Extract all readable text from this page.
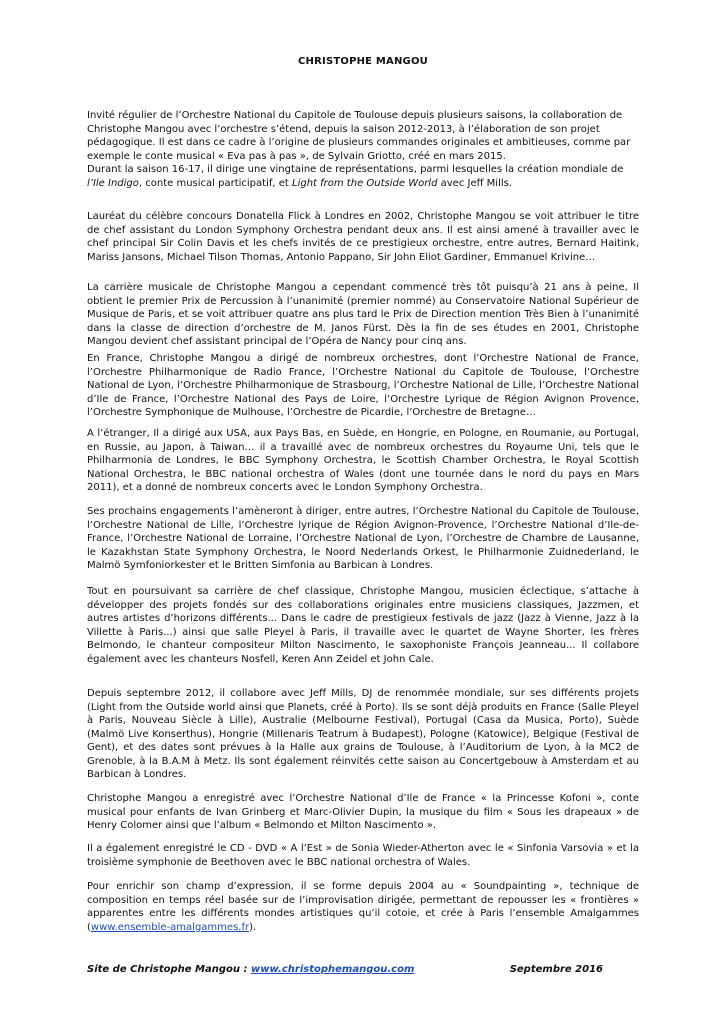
CHRISTOPHE MANGOU

Invité régulier de l’Orchestre National du Capitole de Toulouse depuis plusieurs saisons, la collaboration de Christophe Mangou avec l’orchestre s’étend, depuis la saison 2012-2013, à l’élaboration de son projet pédagogique. Il est dans ce cadre à l’origine de plusieurs commandes originales et ambitieuses, comme par exemple le conte musical « Eva pas à pas », de Sylvain Griotto, créé en mars 2015.
Durant la saison 16-17, il dirige une vingtaine de représentations, parmi lesquelles la création mondiale de l’Ile Indigo, conte musical participatif, et Light from the Outside World avec Jeff Mills.

Lauréat du célèbre concours Donatella Flick à Londres en 2002, Christophe Mangou se voit attribuer le titre de chef assistant du London Symphony Orchestra pendant deux ans. Il est ainsi amené à travailler avec le chef principal Sir Colin Davis et les chefs invités de ce prestigieux orchestre, entre autres, Bernard Haitink, Mariss Jansons, Michael Tilson Thomas, Antonio Pappano, Sir John Eliot Gardiner, Emmanuel Krivine…

La carrière musicale de Christophe Mangou a cependant commencé très tôt puisqu’à 21 ans à peine, Il obtient le premier Prix de Percussion à l’unanimité (premier nommé) au Conservatoire National Supérieur de Musique de Paris, et se voit attribuer quatre ans plus tard le Prix de Direction mention Très Bien à l’unanimité dans la classe de direction d’orchestre de M. Janos Fürst. Dès la fin de ses études en 2001, Christophe Mangou devient chef assistant principal de l’Opéra de Nancy pour cinq ans.

En France, Christophe Mangou a dirigé de nombreux orchestres, dont l’Orchestre National de France, l’Orchestre Philharmonique de Radio France, l’Orchestre National du Capitole de Toulouse, l’Orchestre National de Lyon, l’Orchestre Philharmonique de Strasbourg, l’Orchestre National de Lille, l’Orchestre National d’Ile de France, l’Orchestre National des Pays de Loire, l’Orchestre Lyrique de Région Avignon Provence, l’Orchestre Symphonique de Mulhouse, l’Orchestre de Picardie, l’Orchestre de Bretagne…

A l’étranger, Il a dirigé aux USA, aux Pays Bas, en Suède, en Hongrie, en Pologne, en Roumanie, au Portugal, en Russie, au Japon, à Taiwan… il a travaillé avec de nombreux orchestres du Royaume Uni, tels que le Philharmonia de Londres, le BBC Symphony Orchestra, le Scottish Chamber Orchestra, le Royal Scottish National Orchestra, le BBC national orchestra of Wales (dont une tournée dans le nord du pays en Mars 2011), et a donné de nombreux concerts avec le London Symphony Orchestra.

Ses prochains engagements l’amèneront à diriger, entre autres, l’Orchestre National du Capitole de Toulouse, l’Orchestre National de Lille, l’Orchestre lyrique de Région Avignon-Provence, l’Orchestre National d’Ile-de-France, l’Orchestre National de Lorraine, l’Orchestre National de Lyon, l’Orchestre de Chambre de Lausanne, le Kazakhstan State Symphony Orchestra, le Noord Nederlands Orkest, le Philharmonie Zuidnederland, le Malmö Symfoniorkester et le Britten Simfonia au Barbican à Londres.

Tout en poursuivant sa carrière de chef classique, Christophe Mangou, musicien éclectique, s’attache à développer des projets fondés sur des collaborations originales entre musiciens classiques, Jazzmen, et autres artistes d’horizons différents... Dans le cadre de prestigieux festivals de jazz (Jazz à Vienne, Jazz à la Villette à Paris...) ainsi que salle Pleyel à Paris, il travaille avec le quartet de Wayne Shorter, les frères Belmondo, le chanteur compositeur Milton Nascimento, le saxophoniste François Jeanneau... Il collabore également avec les chanteurs Nosfell, Keren Ann Zeidel et John Cale.

Depuis septembre 2012, il collabore avec Jeff Mills, DJ de renommée mondiale, sur ses différents projets (Light from the Outside world ainsi que Planets, créé à Porto). Ils se sont déjà produits en France (Salle Pleyel à Paris, Nouveau Siècle à Lille), Australie (Melbourne Festival), Portugal (Casa da Musica, Porto), Suède (Malmö Live Konserthus), Hongrie (Millenaris Teatrum à Budapest), Pologne (Katowice), Belgique (Festival de Gent), et des dates sont prévues à la Halle aux grains de Toulouse, à l’Auditorium de Lyon, à la MC2 de Grenoble, à la B.A.M à Metz. Ils sont également réinvités cette saison au Concertgebouw à Amsterdam et au Barbican à Londres.

Christophe Mangou a enregistré avec l’Orchestre National d’Ile de France « la Princesse Kofoni », conte musical pour enfants de Ivan Grinberg et Marc-Olivier Dupin, la musique du film « Sous les drapeaux » de Henry Colomer ainsi que l’album « Belmondo et Milton Nascimento ».

Il a également enregistré le CD - DVD « A l’Est » de Sonia Wieder-Atherton avec le « Sinfonia Varsovia » et la troisième symphonie de Beethoven avec le BBC national orchestra of Wales.

Pour enrichir son champ d’expression, il se forme depuis 2004 au « Soundpainting », technique de composition en temps réel basée sur de l’improvisation dirigée, permettant de repousser les « frontières » apparentes entre les différents mondes artistiques qu’il cotoie, et crée à Paris l’ensemble Amalgammes (www.ensemble-amalgammes.fr).

Site de Christophe Mangou : www.christophemangou.com	Septembre 2016
